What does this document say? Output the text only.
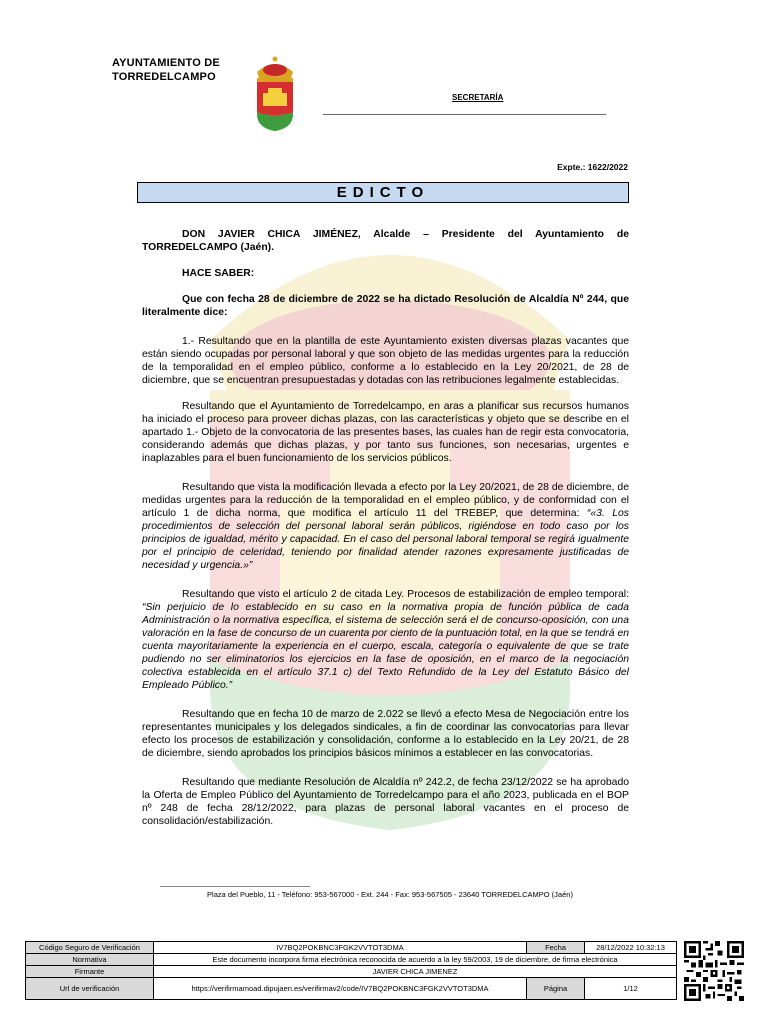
AYUNTAMIENTO DE
TORREDELCAMPO
SECRETARÍA
Expte.: 1622/2022
EDICTO

DON JAVIER CHICA JIMÉNEZ, Alcalde – Presidente del Ayuntamiento de TORREDELCAMPO (Jaén).

HACE SABER:

Que con fecha 28 de diciembre de 2022 se ha dictado Resolución de Alcaldía Nº 244, que literalmente dice:

1.- Resultando que en la plantilla de este Ayuntamiento existen diversas plazas vacantes que están siendo ocupadas por personal laboral y que son objeto de las medidas urgentes para la reducción de la temporalidad en el empleo público, conforme a lo establecido en la Ley 20/2021, de 28 de diciembre, que se encuentran presupuestadas y dotadas con las retribuciones legalmente establecidas.

Resultando que el Ayuntamiento de Torredelcampo, en aras a planificar sus recursos humanos ha iniciado el proceso para proveer dichas plazas, con las características y objeto que se describe en el apartado 1.- Objeto de la convocatoria de las presentes bases, las cuales han de regir esta convocatoria, considerando además que dichas plazas, y por tanto sus funciones, son necesarias, urgentes e inaplazables para el buen funcionamiento de los servicios públicos.

Resultando que vista la modificación llevada a efecto por la Ley 20/2021, de 28 de diciembre, de medidas urgentes para la reducción de la temporalidad en el empleo público, y de conformidad con el artículo 1 de dicha norma, que modifica el artículo 11 del TREBEP, que determina: “«3. Los procedimientos de selección del personal laboral serán públicos, rigiéndose en todo caso por los principios de igualdad, mérito y capacidad. En el caso del personal laboral temporal se regirá igualmente por el principio de celeridad, teniendo por finalidad atender razones expresamente justificadas de necesidad y urgencia.»”

Resultando que visto el artículo 2 de citada Ley. Procesos de estabilización de empleo temporal: “Sin perjuicio de lo establecido en su caso en la normativa propia de función pública de cada Administración o la normativa específica, el sistema de selección será el de concurso-oposición, con una valoración en la fase de concurso de un cuarenta por ciento de la puntuación total, en la que se tendrá en cuenta mayoritariamente la experiencia en el cuerpo, escala, categoría o equivalente de que se trate pudiendo no ser eliminatorios los ejercicios en la fase de oposición, en el marco de la negociación colectiva establecida en el artículo 37.1 c) del Texto Refundido de la Ley del Estatuto Básico del Empleado Público.”

Resultando que en fecha 10 de marzo de 2.022 se llevó a efecto Mesa de Negociación entre los representantes municipales y los delegados sindicales, a fin de coordinar las convocatorias para llevar efecto los procesos de estabilización y consolidación, conforme a lo establecido en la Ley 20/21, de 28 de diciembre, siendo aprobados los principios básicos mínimos a establecer en las convocatorias.

Resultando que mediante Resolución de Alcaldía nº 242.2, de fecha 23/12/2022 se ha aprobado la Oferta de Empleo Público del Ayuntamiento de Torredelcampo para el año 2023, publicada en el BOP nº 248 de fecha 28/12/2022, para plazas de personal laboral vacantes en el proceso de consolidación/estabilización.

Plaza del Pueblo, 11 - Teléfono: 953-567000 - Ext. 244 - Fax: 953-567505 - 23640 TORREDELCAMPO (Jaén)
Código Seguro de Verificación	IV7BQ2POKBNC3FGK2VVTOT3DMA	Fecha	28/12/2022 10:32:13
Normativa	Este documento incorpora firma electrónica reconocida de acuerdo a la ley 59/2003, 19 de diciembre, de firma electrónica		
Firmante	JAVIER CHICA JIMENEZ		
Url de verificación	https://verifirmamoad.dipujaen.es/verifirmav2/code/IV7BQ2POKBNC3FGK2VVTOT3DMA	Página	1/12
